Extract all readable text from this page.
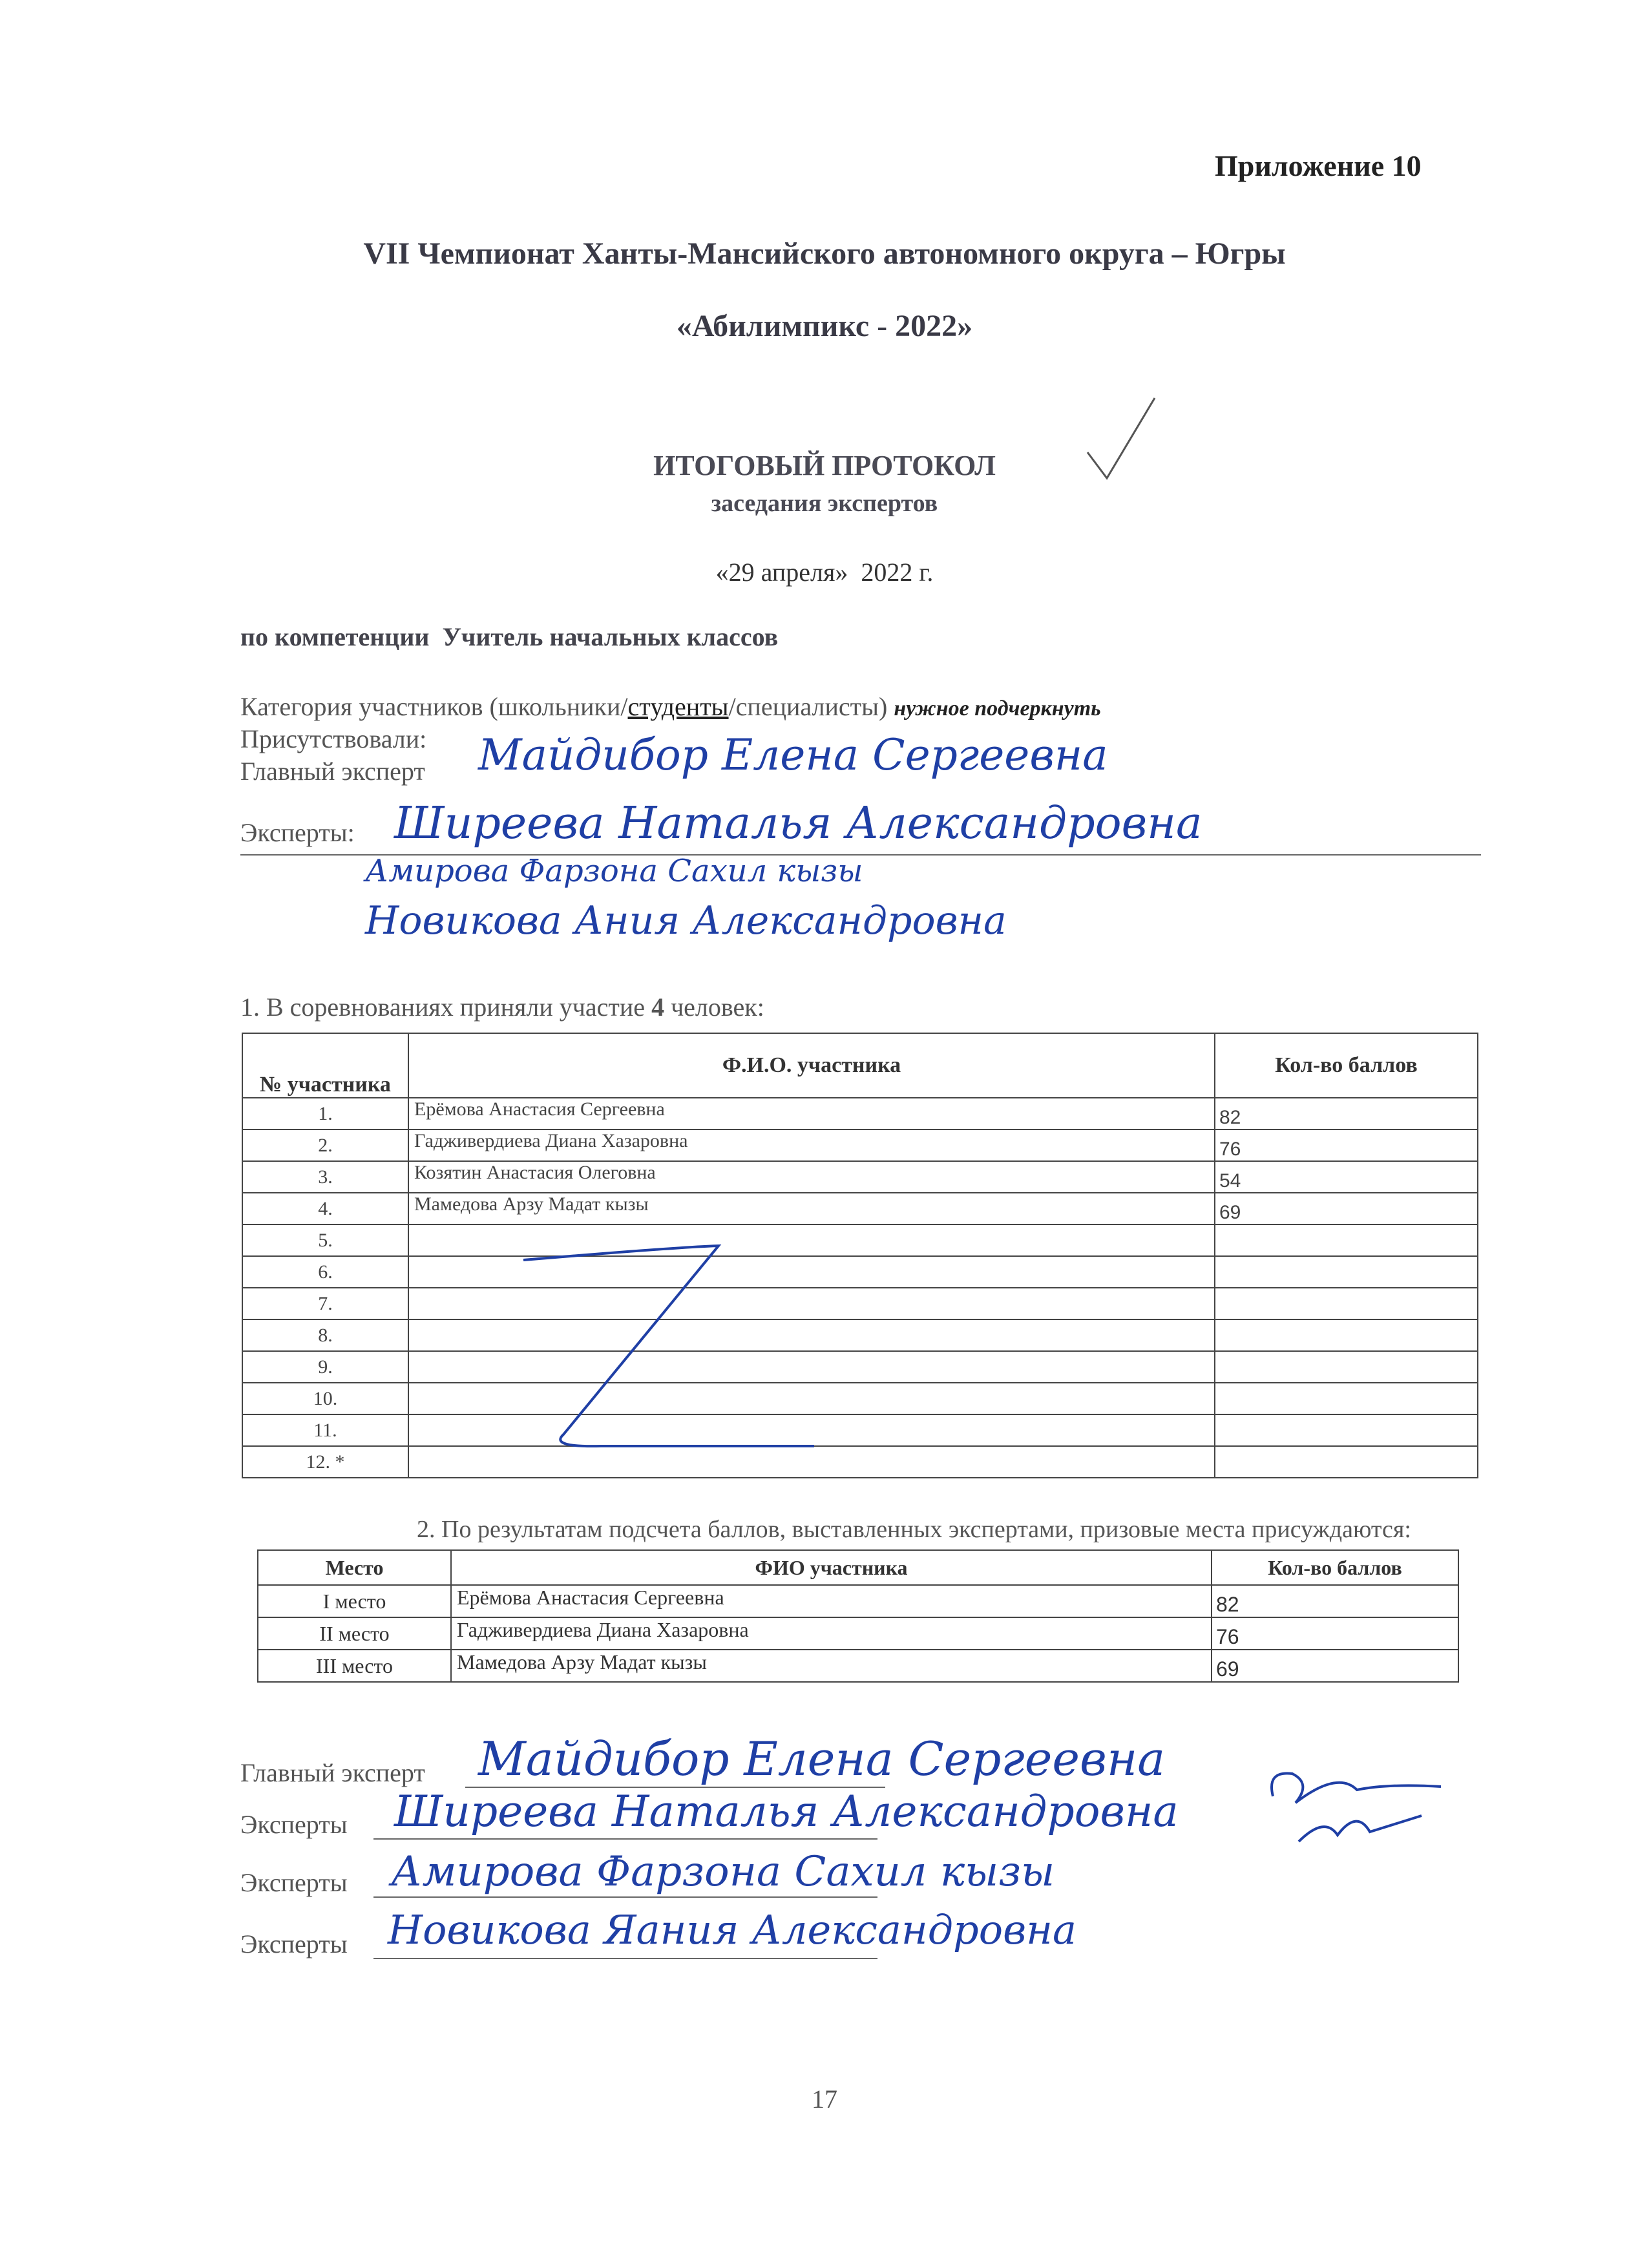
Приложение 10
VII Чемпионат Ханты-Мансийского автономного округа – Югры
«Абилимпикс - 2022»
ИТОГОВЫЙ ПРОТОКОЛ
заседания экспертов
«29 апреля» 2022 г.
по компетенции Учитель начальных классов
Категория участников (школьники/студенты/специалисты) нужное подчеркнуть
Присутствовали:
Главный эксперт Майдибор Елена Сергеевна
Эксперты: Ширеева Наталья Александровна
Амирова Фарзона Сахил кызы
Новикова Ания Александровна
1. В соревнованиях приняли участие 4 человек:
№ участника	Ф.И.О. участника	Кол-во баллов
1.	Ерёмова Анастасия Сергеевна	82
2.	Гадживердиева Диана Хазаровна	76
3.	Козятин Анастасия Олеговна	54
4.	Мамедова Арзу Мадат кызы	69
5.		
6.		
7.		
8.		
9.		
10.		
11.		
12. *		
2. По результатам подсчета баллов, выставленных экспертами, призовые места присуждаются:
Место	ФИО участника	Кол-во баллов
I место	Ерёмова Анастасия Сергеевна	82
II место	Гадживердиева Диана Хазаровна	76
III место	Мамедова Арзу Мадат кызы	69
Главный эксперт Майдибор Елена Сергеевна
Эксперты Ширеева Наталья Александровна
Эксперты Амирова Фарзона Сахил кызы
Эксперты Новикова Яания Александровна
17
